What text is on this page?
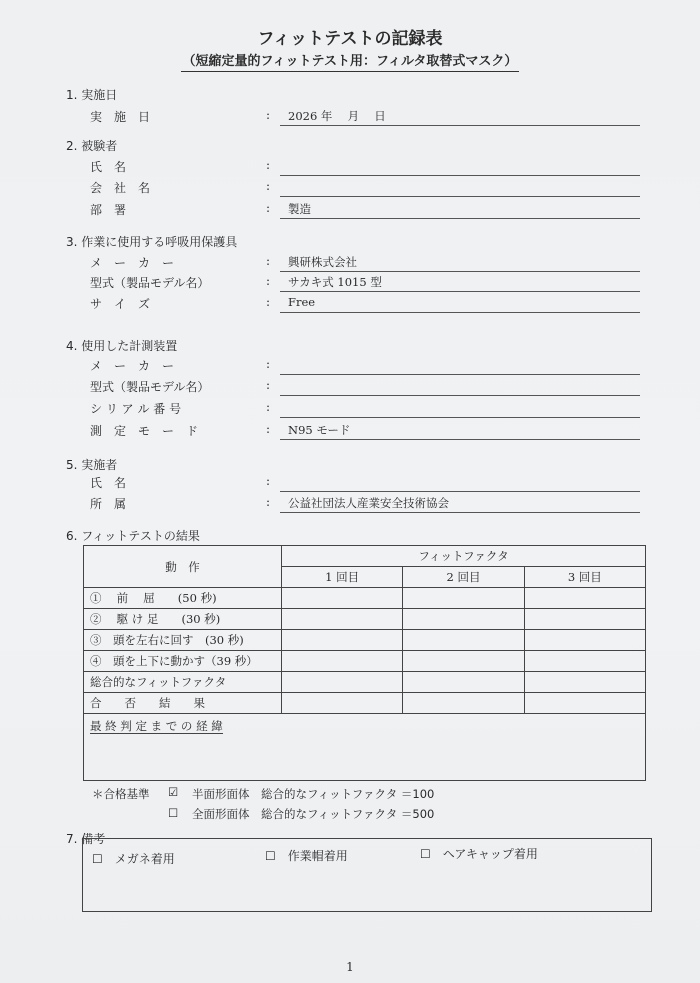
フィットテストの記録表
（短縮定量的フィットテスト用：フィルタ取替式マスク）
1. 実施日
実　施　日	: 2026 年　 月　 日
2. 被験者
氏　名	:
会　社　名	:
部　署	: 製造
3. 作業に使用する呼吸用保護具
メ　ー　カ　ー	: 興研株式会社
型式（製品モデル名）	: サカキ式 1015 型
サ　イ　ズ	: Free
4. 使用した計測装置
メ　ー　カ　ー	:
型式（製品モデル名）	:
シ リ ア ル 番 号	:
測　定　モ　ー　ド	: N95 モード
5. 実施者
氏　名	:
所　属	: 公益社団法人産業安全技術協会
6. フィットテストの結果
動　作	フィットファクタ		
	1 回目	2 回目	3 回目
①　 前　 屈　　(50 秒)			
②　 駆 け 足　　(30 秒)			
③　頭を左右に回す　(30 秒)			
④　頭を上下に動かす（39 秒）			
総合的なフィットファクタ			
合　　否　　結　　果			
最 終 判 定 ま で の 経 緯			
＊合格基準 ☑ 半面形面体　総合的なフィットファクタ ＝100
☐ 全面形面体　総合的なフィットファクタ ＝500
7. 備考
☐　メガネ着用	☐　作業帽着用	☐　ヘアキャップ着用
1
